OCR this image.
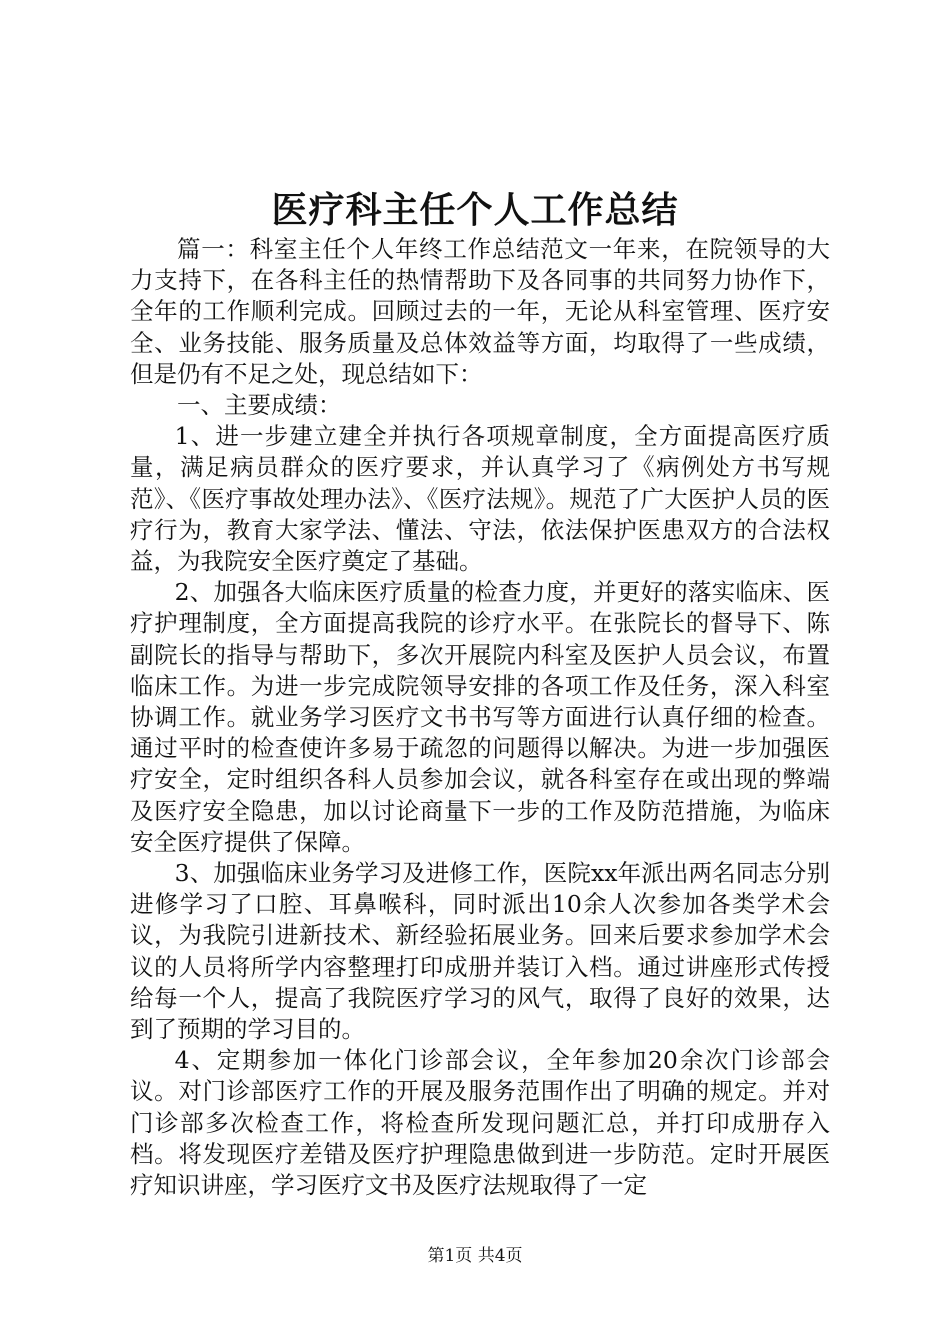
医疗科主任个人工作总结

篇一：科室主任个人年终工作总结范文一年来，在院领导的大力支持下，在各科主任的热情帮助下及各同事的共同努力协作下，全年的工作顺利完成。回顾过去的一年，无论从科室管理、医疗安全、业务技能、服务质量及总体效益等方面，均取得了一些成绩，但是仍有不足之处，现总结如下：

一、主要成绩：

1、进一步建立建全并执行各项规章制度，全方面提高医疗质量，满足病员群众的医疗要求，并认真学习了《病例处方书写规范》、《医疗事故处理办法》、《医疗法规》。规范了广大医护人员的医疗行为，教育大家学法、懂法、守法，依法保护医患双方的合法权益，为我院安全医疗奠定了基础。

2、加强各大临床医疗质量的检查力度，并更好的落实临床、医疗护理制度，全方面提高我院的诊疗水平。在张院长的督导下、陈副院长的指导与帮助下，多次开展院内科室及医护人员会议，布置临床工作。为进一步完成院领导安排的各项工作及任务，深入科室协调工作。就业务学习医疗文书书写等方面进行认真仔细的检查。通过平时的检查使许多易于疏忽的问题得以解决。为进一步加强医疗安全，定时组织各科人员参加会议，就各科室存在或出现的弊端及医疗安全隐患，加以讨论商量下一步的工作及防范措施，为临床安全医疗提供了保障。

3、加强临床业务学习及进修工作，医院xx年派出两名同志分别进修学习了口腔、耳鼻喉科，同时派出10余人次参加各类学术会议，为我院引进新技术、新经验拓展业务。回来后要求参加学术会议的人员将所学内容整理打印成册并装订入档。通过讲座形式传授给每一个人，提高了我院医疗学习的风气，取得了良好的效果，达到了预期的学习目的。

4、定期参加一体化门诊部会议，全年参加20余次门诊部会议。对门诊部医疗工作的开展及服务范围作出了明确的规定。并对门诊部多次检查工作，将检查所发现问题汇总，并打印成册存入档。将发现医疗差错及医疗护理隐患做到进一步防范。定时开展医疗知识讲座，学习医疗文书及医疗法规取得了一定

第1页 共4页
